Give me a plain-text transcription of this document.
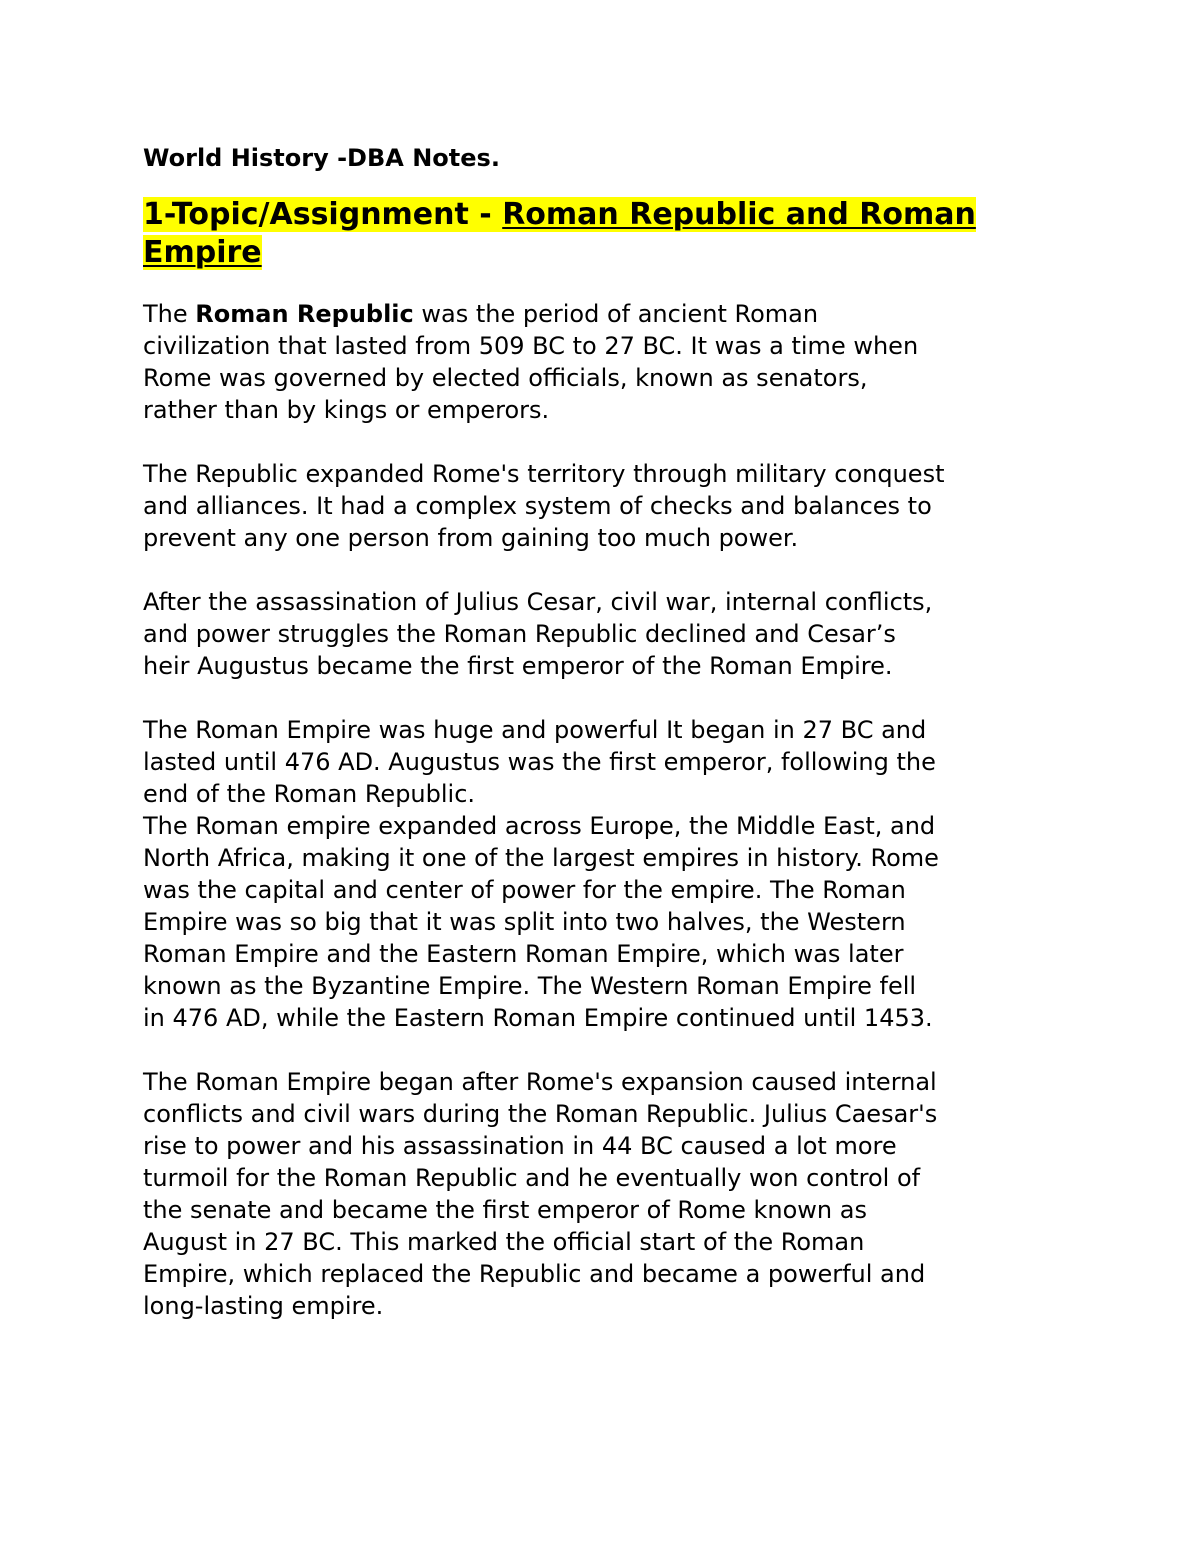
World History -DBA Notes.
1-Topic/Assignment - Roman Republic and Roman
Empire

The Roman Republic was the period of ancient Roman
civilization that lasted from 509 BC to 27 BC. It was a time when
Rome was governed by elected officials, known as senators,
rather than by kings or emperors.

The Republic expanded Rome's territory through military conquest
and alliances. It had a complex system of checks and balances to
prevent any one person from gaining too much power.

After the assassination of Julius Cesar, civil war, internal conflicts,
and power struggles the Roman Republic declined and Cesar’s
heir Augustus became the first emperor of the Roman Empire.

The Roman Empire was huge and powerful It began in 27 BC and
lasted until 476 AD. Augustus was the first emperor, following the
end of the Roman Republic.
The Roman empire expanded across Europe, the Middle East, and
North Africa, making it one of the largest empires in history. Rome
was the capital and center of power for the empire. The Roman
Empire was so big that it was split into two halves, the Western
Roman Empire and the Eastern Roman Empire, which was later
known as the Byzantine Empire. The Western Roman Empire fell
in 476 AD, while the Eastern Roman Empire continued until 1453.

The Roman Empire began after Rome's expansion caused internal
conflicts and civil wars during the Roman Republic. Julius Caesar's
rise to power and his assassination in 44 BC caused a lot more
turmoil for the Roman Republic and he eventually won control of
the senate and became the first emperor of Rome known as
August in 27 BC. This marked the official start of the Roman
Empire, which replaced the Republic and became a powerful and
long-lasting empire.
